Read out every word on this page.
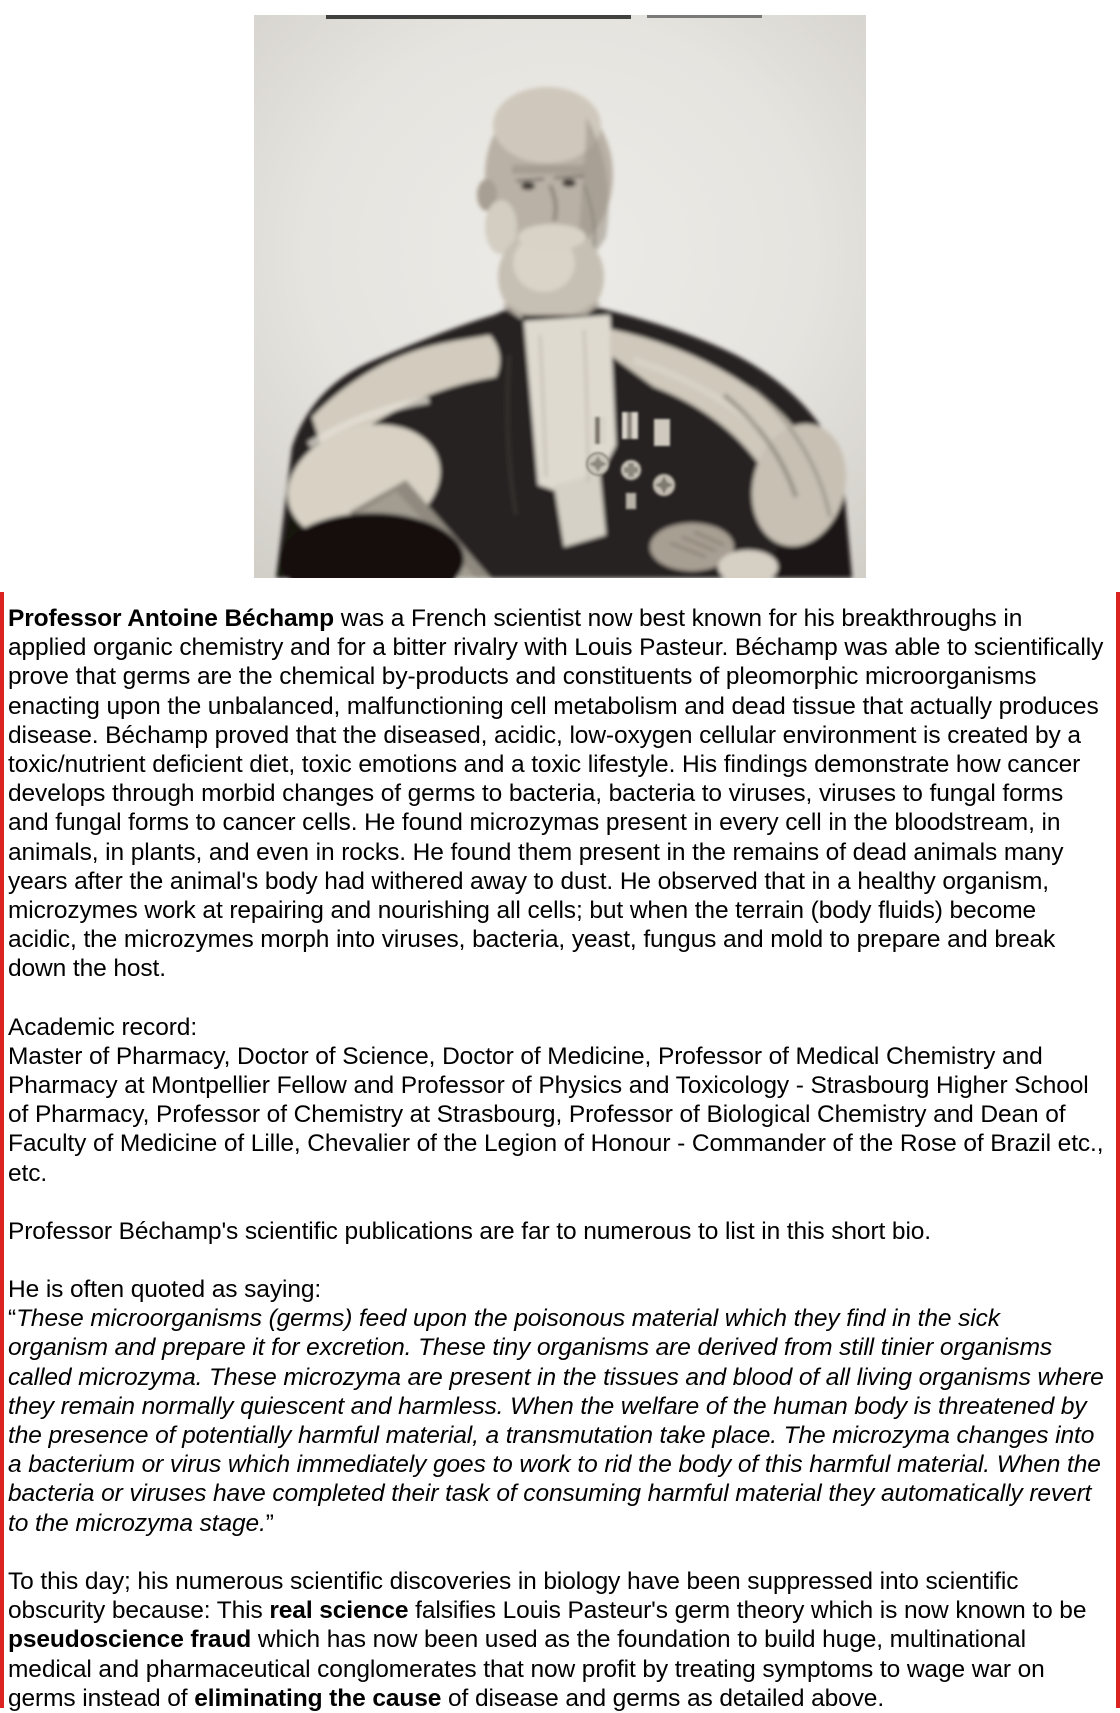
Professor Antoine Béchamp was a French scientist now best known for his breakthroughs in applied organic chemistry and for a bitter rivalry with Louis Pasteur. Béchamp was able to scientifically prove that germs are the chemical by-products and constituents of pleomorphic microorganisms enacting upon the unbalanced, malfunctioning cell metabolism and dead tissue that actually produces disease. Béchamp proved that the diseased, acidic, low-oxygen cellular environment is created by a toxic/nutrient deficient diet, toxic emotions and a toxic lifestyle. His findings demonstrate how cancer develops through morbid changes of germs to bacteria, bacteria to viruses, viruses to fungal forms and fungal forms to cancer cells. He found microzymas present in every cell in the bloodstream, in animals, in plants, and even in rocks. He found them present in the remains of dead animals many years after the animal's body had withered away to dust. He observed that in a healthy organism, microzymes work at repairing and nourishing all cells; but when the terrain (body fluids) become acidic, the microzymes morph into viruses, bacteria, yeast, fungus and mold to prepare and break down the host.

Academic record:
Master of Pharmacy, Doctor of Science, Doctor of Medicine, Professor of Medical Chemistry and Pharmacy at Montpellier Fellow and Professor of Physics and Toxicology - Strasbourg Higher School of Pharmacy, Professor of Chemistry at Strasbourg, Professor of Biological Chemistry and Dean of Faculty of Medicine of Lille, Chevalier of the Legion of Honour - Commander of the Rose of Brazil etc., etc.

Professor Béchamp's scientific publications are far to numerous to list in this short bio.

He is often quoted as saying:
“These microorganisms (germs) feed upon the poisonous material which they find in the sick organism and prepare it for excretion. These tiny organisms are derived from still tinier organisms called microzyma. These microzyma are present in the tissues and blood of all living organisms where they remain normally quiescent and harmless. When the welfare of the human body is threatened by the presence of potentially harmful material, a transmutation take place. The microzyma changes into a bacterium or virus which immediately goes to work to rid the body of this harmful material. When the bacteria or viruses have completed their task of consuming harmful material they automatically revert to the microzyma stage.”

To this day; his numerous scientific discoveries in biology have been suppressed into scientific obscurity because: This real science falsifies Louis Pasteur's germ theory which is now known to be pseudoscience fraud which has now been used as the foundation to build huge, multinational medical and pharmaceutical conglomerates that now profit by treating symptoms to wage war on germs instead of eliminating the cause of disease and germs as detailed above.
